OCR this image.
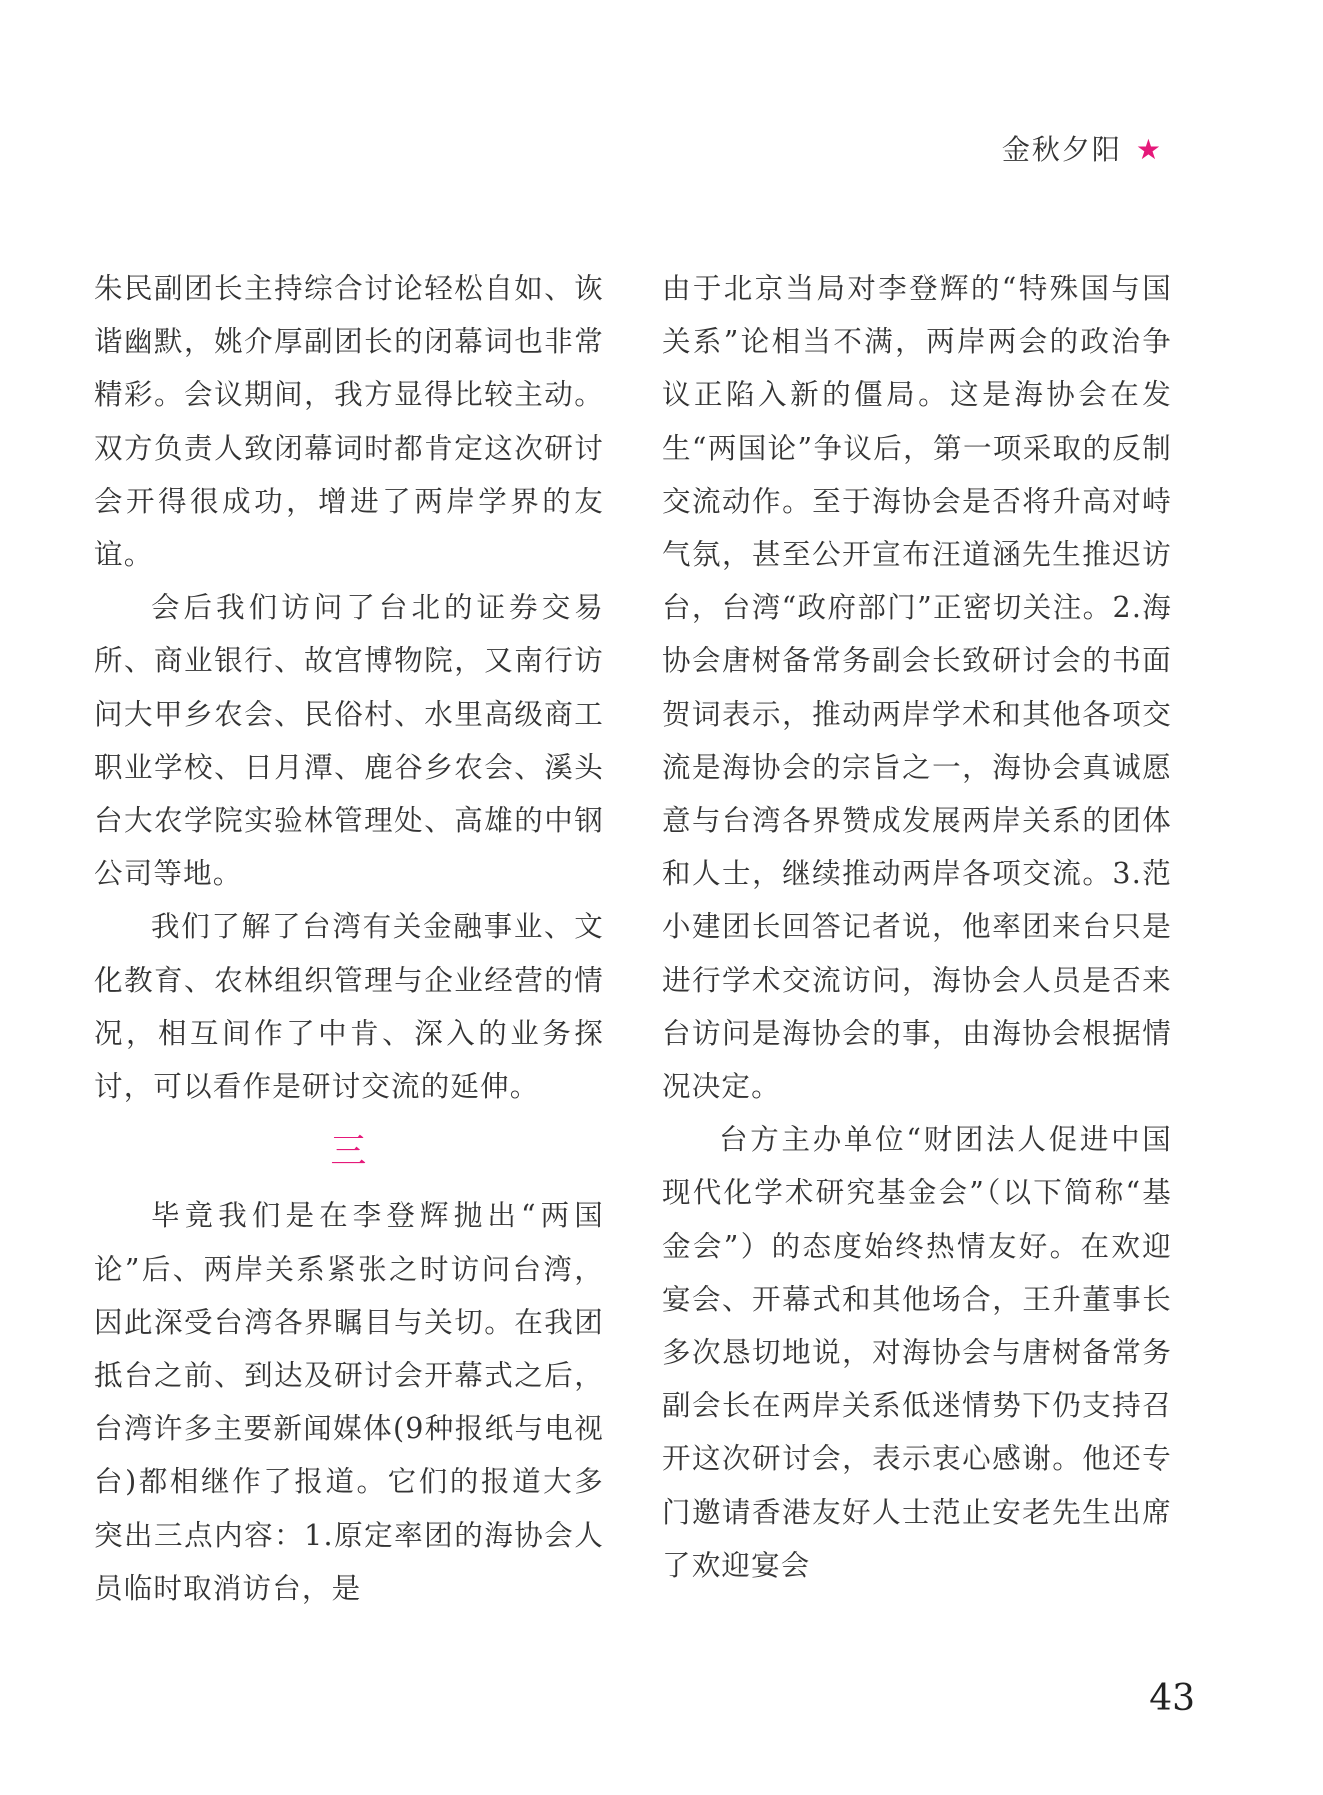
金秋夕阳 ★

朱民副团长主持综合讨论轻松自如、诙谐幽默，姚介厚副团长的闭幕词也非常精彩。会议期间，我方显得比较主动。双方负责人致闭幕词时都肯定这次研讨会开得很成功，增进了两岸学界的友谊。

会后我们访问了台北的证券交易所、商业银行、故宫博物院，又南行访问大甲乡农会、民俗村、水里高级商工职业学校、日月潭、鹿谷乡农会、溪头台大农学院实验林管理处、高雄的中钢公司等地。

我们了解了台湾有关金融事业、文化教育、农林组织管理与企业经营的情况，相互间作了中肯、深入的业务探讨，可以看作是研讨交流的延伸。

三

毕竟我们是在李登辉抛出“两国论”后、两岸关系紧张之时访问台湾，因此深受台湾各界瞩目与关切。在我团抵台之前、到达及研讨会开幕式之后，台湾许多主要新闻媒体(9种报纸与电视台)都相继作了报道。它们的报道大多突出三点内容：1.原定率团的海协会人员临时取消访台，是

由于北京当局对李登辉的“特殊国与国关系”论相当不满，两岸两会的政治争议正陷入新的僵局。这是海协会在发生“两国论”争议后，第一项采取的反制交流动作。至于海协会是否将升高对峙气氛，甚至公开宣布汪道涵先生推迟访台，台湾“政府部门”正密切关注。2.海协会唐树备常务副会长致研讨会的书面贺词表示，推动两岸学术和其他各项交流是海协会的宗旨之一，海协会真诚愿意与台湾各界赞成发展两岸关系的团体和人士，继续推动两岸各项交流。3.范小建团长回答记者说，他率团来台只是进行学术交流访问，海协会人员是否来台访问是海协会的事，由海协会根据情况决定。

台方主办单位“财团法人促进中国现代化学术研究基金会”（以下简称“基金会”）的态度始终热情友好。在欢迎宴会、开幕式和其他场合，王升董事长多次恳切地说，对海协会与唐树备常务副会长在两岸关系低迷情势下仍支持召开这次研讨会，表示衷心感谢。他还专门邀请香港友好人士范止安老先生出席了欢迎宴会

43
